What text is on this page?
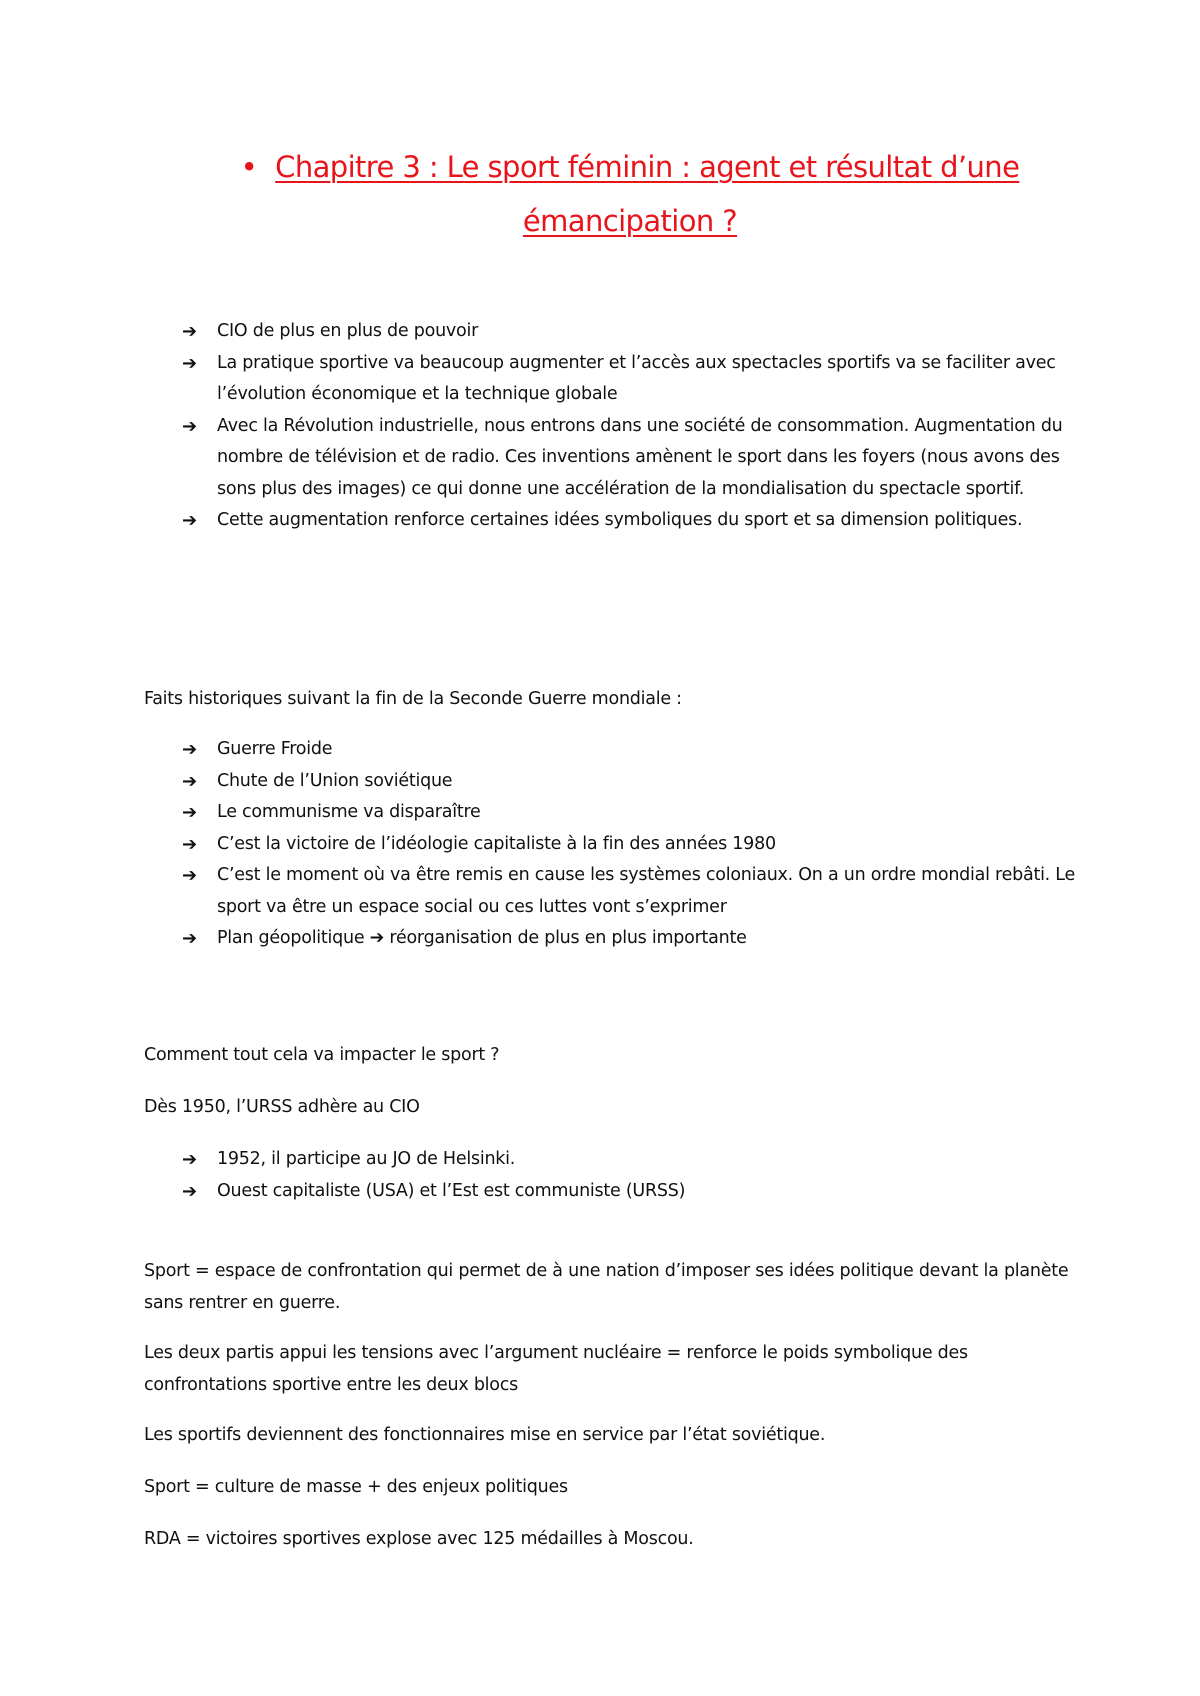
• Chapitre 3 : Le sport féminin : agent et résultat d’une émancipation ?
➔ CIO de plus en plus de pouvoir
➔ La pratique sportive va beaucoup augmenter et l’accès aux spectacles sportifs va se faciliter avec l’évolution économique et la technique globale
➔ Avec la Révolution industrielle, nous entrons dans une société de consommation. Augmentation du nombre de télévision et de radio. Ces inventions amènent le sport dans les foyers (nous avons des sons plus des images) ce qui donne une accélération de la mondialisation du spectacle sportif.
➔ Cette augmentation renforce certaines idées symboliques du sport et sa dimension politiques.

Faits historiques suivant la fin de la Seconde Guerre mondiale :

➔ Guerre Froide
➔ Chute de l’Union soviétique
➔ Le communisme va disparaître
➔ C’est la victoire de l’idéologie capitaliste à la fin des années 1980
➔ C’est le moment où va être remis en cause les systèmes coloniaux. On a un ordre mondial rebâti. Le sport va être un espace social ou ces luttes vont s’exprimer
➔ Plan géopolitique ➔ réorganisation de plus en plus importante

Comment tout cela va impacter le sport ?

Dès 1950, l’URSS adhère au CIO

➔ 1952, il participe au JO de Helsinki.
➔ Ouest capitaliste (USA) et l’Est est communiste (URSS)

Sport = espace de confrontation qui permet de à une nation d’imposer ses idées politique devant la planète sans rentrer en guerre.

Les deux partis appui les tensions avec l’argument nucléaire = renforce le poids symbolique des confrontations sportive entre les deux blocs

Les sportifs deviennent des fonctionnaires mise en service par l’état soviétique.

Sport = culture de masse + des enjeux politiques

RDA = victoires sportives explose avec 125 médailles à Moscou.
